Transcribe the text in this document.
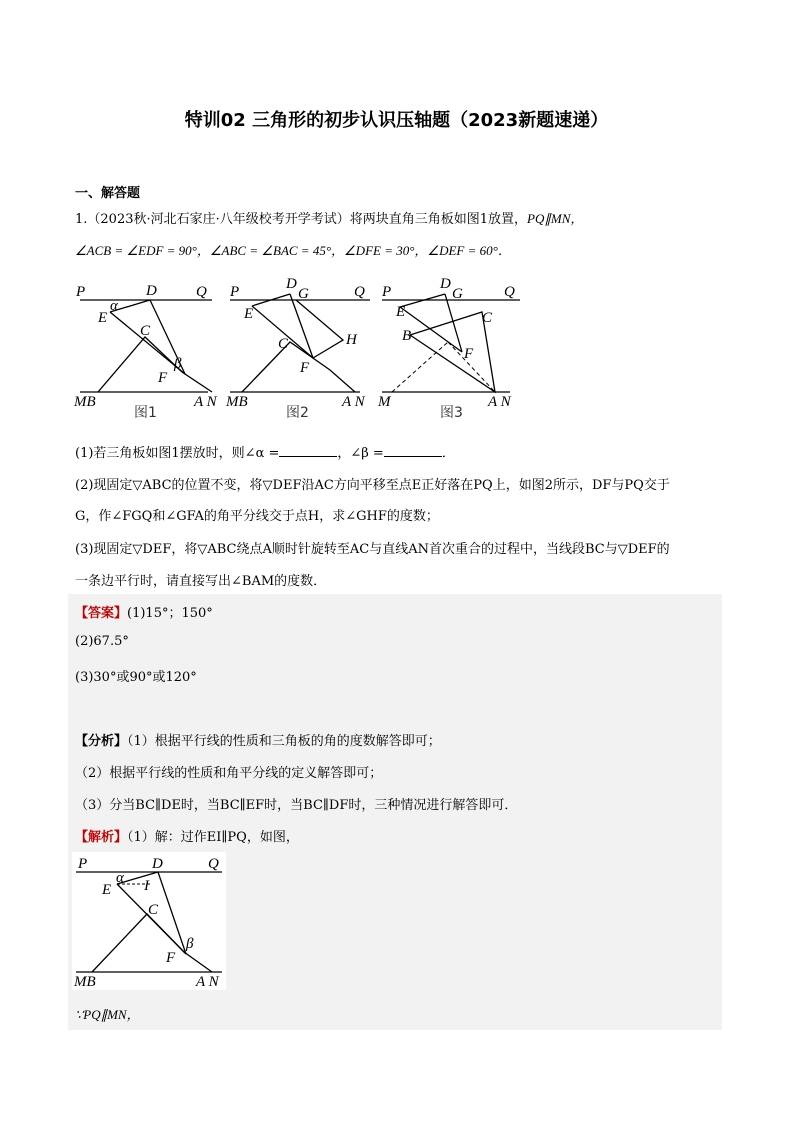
特训02 三角形的初步认识压轴题（2023新题速递）
一、解答题
1.（2023秋·河北石家庄·八年级校考开学考试）将两块直角三角板如图1放置，PQ∥MN，
∠ACB = ∠EDF = 90°，∠ABC = ∠BAC = 45°，∠DFE = 30°，∠DEF = 60°．
P	D	Q
E
α
C
β
F
MB	A N
图1
P	D
G	Q
E
H
C
F
MB	A N
图2
P	D
G	Q
E	C
B
F
M	A N
图3
(1)若三角板如图1摆放时，则∠α =	，∠β =	．
(2)现固定▽ABC的位置不变，将▽DEF沿AC方向平移至点E正好落在PQ上，如图2所示，DF与PQ交于
G，作∠FGQ和∠GFA的角平分线交于点H，求∠GHF的度数；
(3)现固定▽DEF，将▽ABC绕点A顺时针旋转至AC与直线AN首次重合的过程中，当线段BC与▽DEF的
一条边平行时，请直接写出∠BAM的度数．
【答案】(1)15°；150°
(2)67.5°
(3)30°或90°或120°
【分析】（1）根据平行线的性质和三角板的角的度数解答即可；
（2）根据平行线的性质和角平分线的定义解答即可；
（3）分当BC∥DE时，当BC∥EF时，当BC∥DF时，三种情况进行解答即可．
【解析】（1）解：过作EI∥PQ，如图，
P	D	Q
E
α I
C
β
F
MB	A N
∵PQ∥MN，
